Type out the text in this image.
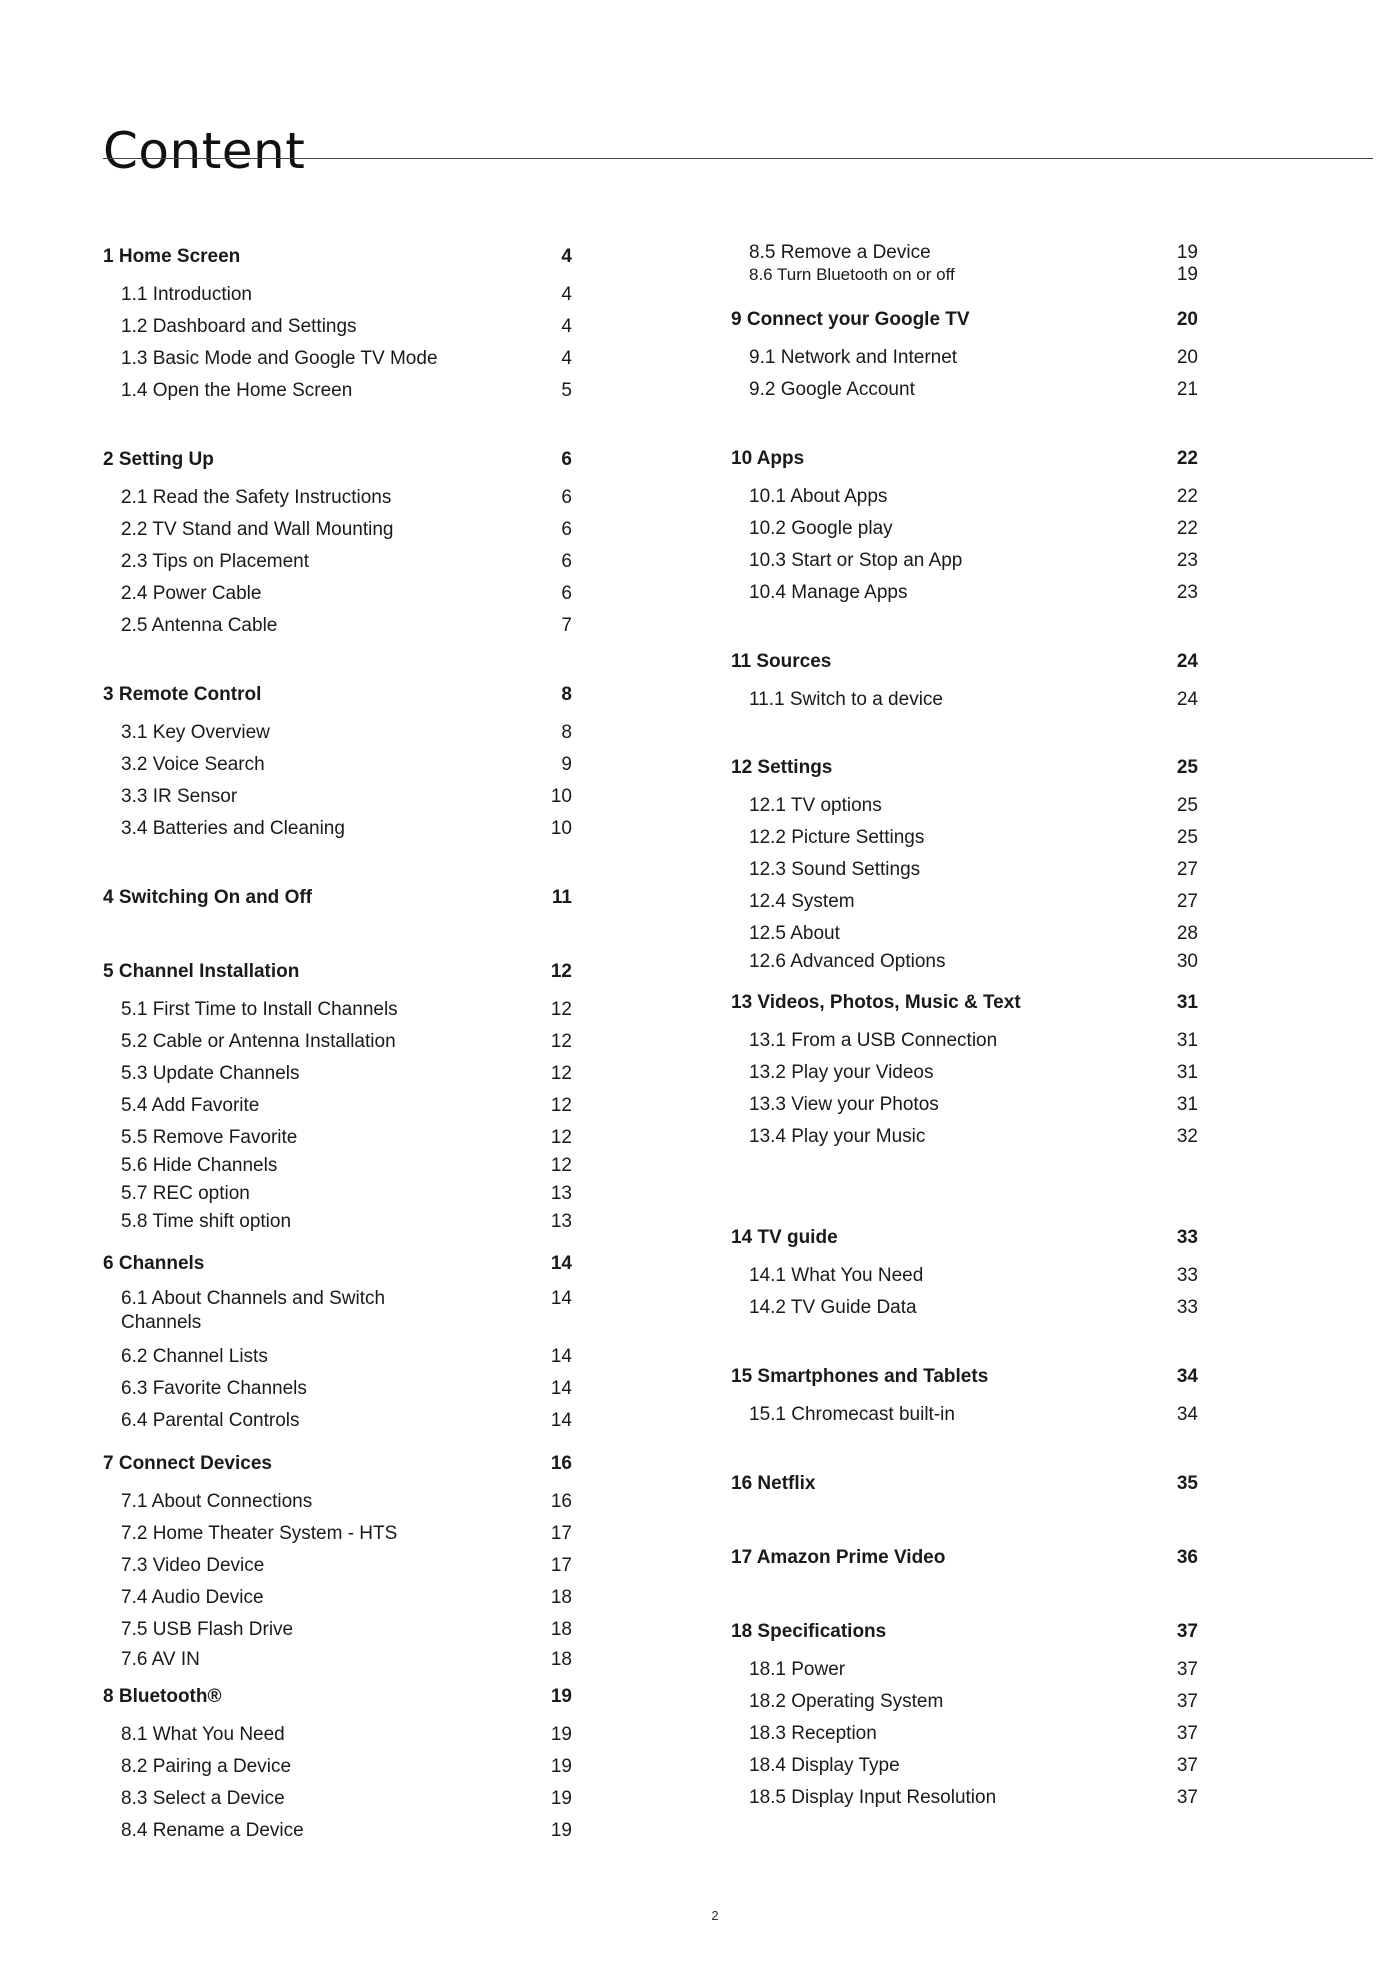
Content
1 Home Screen	4
1.1 Introduction	4
1.2 Dashboard and Settings	4
1.3 Basic Mode and Google TV Mode	4
1.4 Open the Home Screen	5
2 Setting Up	6
2.1 Read the Safety Instructions	6
2.2 TV Stand and Wall Mounting	6
2.3 Tips on Placement	6
2.4 Power Cable	6
2.5 Antenna Cable	7
3 Remote Control	8
3.1 Key Overview	8
3.2 Voice Search	9
3.3 IR Sensor	10
3.4 Batteries and Cleaning	10
4 Switching On and Off	11
5 Channel Installation	12
5.1 First Time to Install Channels	12
5.2 Cable or Antenna Installation	12
5.3 Update Channels	12
5.4 Add Favorite	12
5.5 Remove Favorite	12
5.6 Hide Channels	12
5.7 REC option	13
5.8 Time shift option	13
6 Channels	14
6.1 About Channels and Switch Channels
14
6.2 Channel Lists	14
6.3 Favorite Channels	14
6.4 Parental Controls	14
7 Connect Devices	16
7.1 About Connections	16
7.2 Home Theater System - HTS	17
7.3 Video Device	17
7.4 Audio Device	18
7.5 USB Flash Drive	18
7.6 AV IN	18
8 Bluetooth®	19
8.1 What You Need	19
8.2 Pairing a Device	19
8.3 Select a Device	19
8.4 Rename a Device	19
8.5 Remove a Device	19
8.6 Turn Bluetooth on or off	19
9 Connect your Google TV	20
9.1 Network and Internet	20
9.2 Google Account	21
10 Apps	22
10.1 About Apps	22
10.2 Google play	22
10.3 Start or Stop an App	23
10.4 Manage Apps	23
11 Sources	24
11.1 Switch to a device	24
12 Settings	25
12.1 TV options	25
12.2 Picture Settings	25
12.3 Sound Settings	27
12.4 System	27
12.5 About	28
12.6 Advanced Options	30
13 Videos, Photos, Music & Text	31
13.1 From a USB Connection	31
13.2 Play your Videos	31
13.3 View your Photos	31
13.4 Play your Music	32
14 TV guide	33
14.1 What You Need	33
14.2 TV Guide Data	33
15 Smartphones and Tablets	34
15.1 Chromecast built-in	34
16 Netflix	35
17 Amazon Prime Video	36
18 Specifications	37
18.1 Power	37
18.2 Operating System	37
18.3 Reception	37
18.4 Display Type	37
18.5 Display Input Resolution	37
2
